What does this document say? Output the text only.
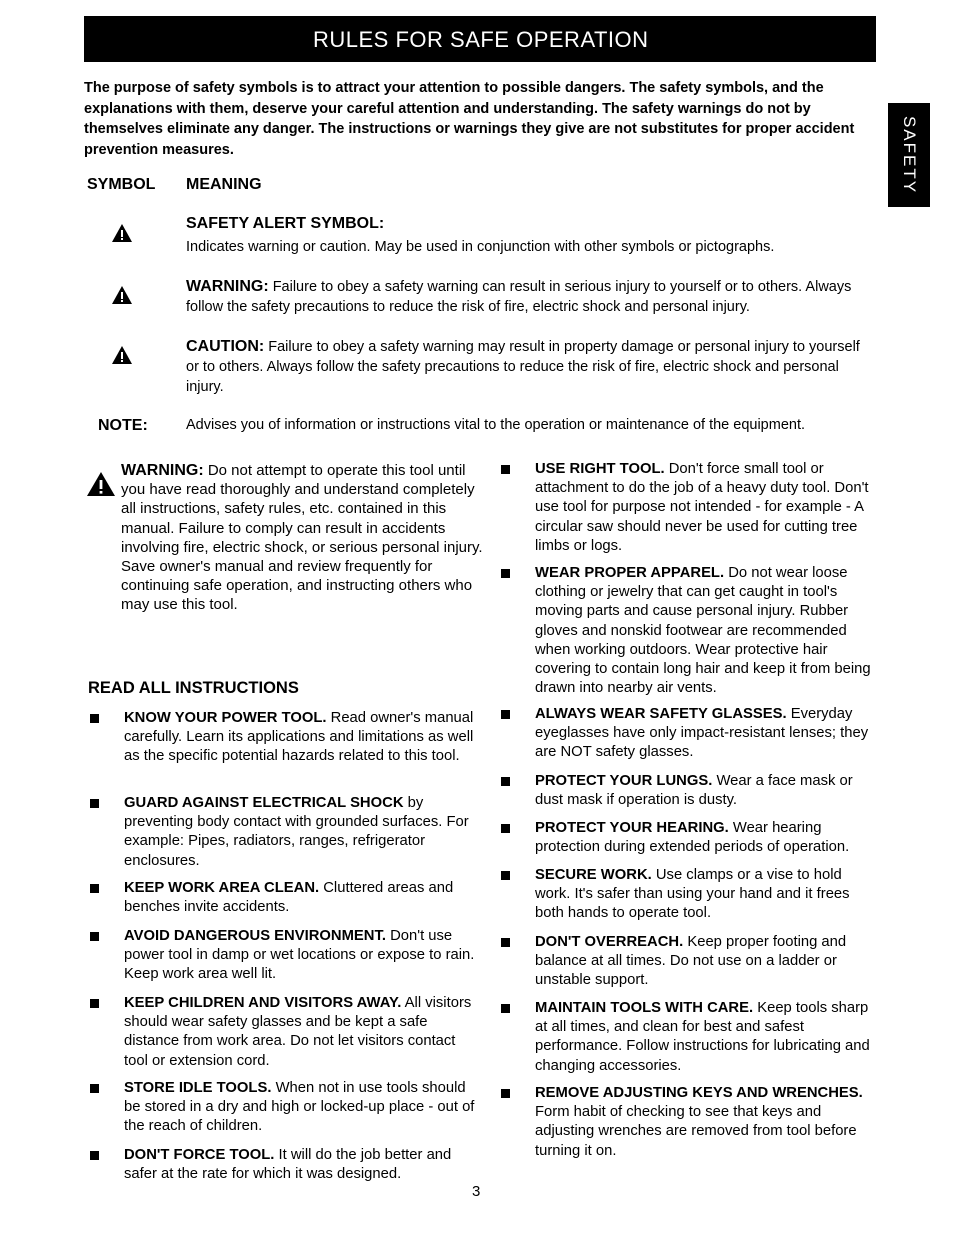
RULES FOR SAFE OPERATION
SAFETY

The purpose of safety symbols is to attract your attention to possible dangers. The safety symbols, and the explanations with them, deserve your careful attention and understanding. The safety warnings do not by themselves eliminate any danger. The instructions or warnings they give are not substitutes for proper accident prevention measures.

SYMBOL MEANING
SAFETY ALERT SYMBOL:
Indicates warning or caution. May be used in conjunction with other symbols or pictographs.
WARNING: Failure to obey a safety warning can result in serious injury to yourself or to others. Always follow the safety precautions to reduce the risk of fire, electric shock and personal injury.
CAUTION: Failure to obey a safety warning may result in property damage or personal injury to yourself or to others. Always follow the safety precautions to reduce the risk of fire, electric shock and personal injury.
NOTE:	Advises you of information or instructions vital to the operation or maintenance of the equipment.
WARNING: Do not attempt to operate this tool until you have read thoroughly and understand completely all instructions, safety rules, etc. contained in this manual. Failure to comply can result in accidents involving fire, electric shock, or serious personal injury. Save owner's manual and review frequently for continuing safe operation, and instructing others who may use this tool.
READ ALL INSTRUCTIONS
KNOW YOUR POWER TOOL. Read owner's manual carefully. Learn its applications and limitations as well as the specific potential hazards related to this tool.
GUARD AGAINST ELECTRICAL SHOCK by preventing body contact with grounded surfaces. For example: Pipes, radiators, ranges, refrigerator enclosures.
KEEP WORK AREA CLEAN. Cluttered areas and benches invite accidents.
AVOID DANGEROUS ENVIRONMENT. Don't use power tool in damp or wet locations or expose to rain. Keep work area well lit.
KEEP CHILDREN AND VISITORS AWAY. All visitors should wear safety glasses and be kept a safe distance from work area. Do not let visitors contact tool or extension cord.
STORE IDLE TOOLS. When not in use tools should be stored in a dry and high or locked-up place - out of the reach of children.
DON'T FORCE TOOL. It will do the job better and safer at the rate for which it was designed.
USE RIGHT TOOL. Don't force small tool or attachment to do the job of a heavy duty tool. Don't use tool for purpose not intended - for example - A circular saw should never be used for cutting tree limbs or logs.
WEAR PROPER APPAREL. Do not wear loose clothing or jewelry that can get caught in tool's moving parts and cause personal injury. Rubber gloves and nonskid footwear are recommended when working outdoors. Wear protective hair covering to contain long hair and keep it from being drawn into nearby air vents.
ALWAYS WEAR SAFETY GLASSES. Everyday eyeglasses have only impact-resistant lenses; they are NOT safety glasses.
PROTECT YOUR LUNGS. Wear a face mask or dust mask if operation is dusty.
PROTECT YOUR HEARING. Wear hearing protection during extended periods of operation.
SECURE WORK. Use clamps or a vise to hold work. It's safer than using your hand and it frees both hands to operate tool.
DON'T OVERREACH. Keep proper footing and balance at all times. Do not use on a ladder or unstable support.
MAINTAIN TOOLS WITH CARE. Keep tools sharp at all times, and clean for best and safest performance. Follow instructions for lubricating and changing accessories.
REMOVE ADJUSTING KEYS AND WRENCHES. Form habit of checking to see that keys and adjusting wrenches are removed from tool before turning it on.
3
